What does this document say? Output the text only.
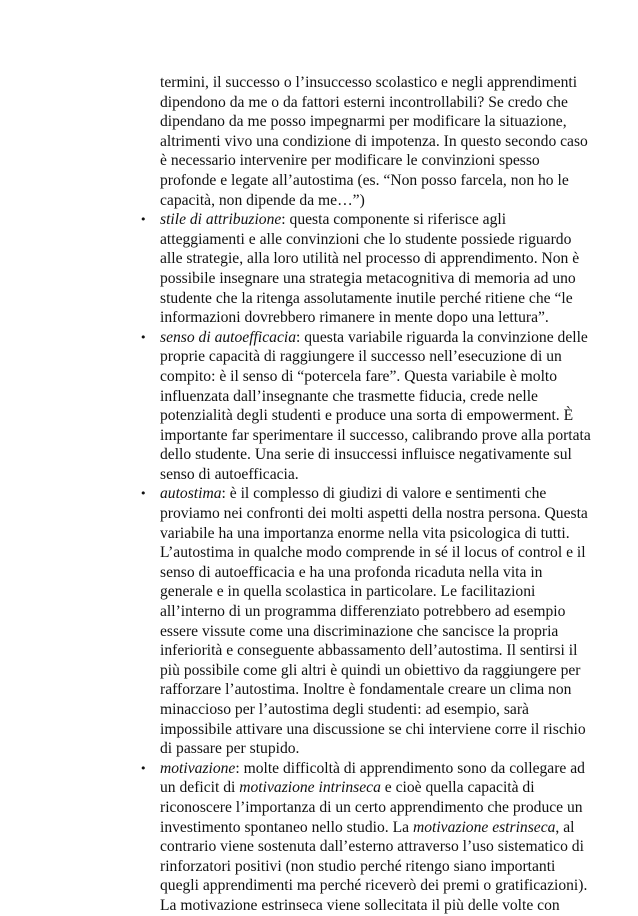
termini, il successo o l’insuccesso scolastico e negli apprendimenti
dipendono da me o da fattori esterni incontrollabili? Se credo che
dipendano da me posso impegnarmi per modificare la situazione,
altrimenti vivo una condizione di impotenza. In questo secondo caso
è necessario intervenire per modificare le convinzioni spesso
profonde e legate all’autostima (es. “Non posso farcela, non ho le
capacità, non dipende da me…”)
• stile di attribuzione: questa componente si riferisce agli
atteggiamenti e alle convinzioni che lo studente possiede riguardo
alle strategie, alla loro utilità nel processo di apprendimento. Non è
possibile insegnare una strategia metacognitiva di memoria ad uno
studente che la ritenga assolutamente inutile perché ritiene che “le
informazioni dovrebbero rimanere in mente dopo una lettura”.
• senso di autoefficacia: questa variabile riguarda la convinzione delle
proprie capacità di raggiungere il successo nell’esecuzione di un
compito: è il senso di “potercela fare”. Questa variabile è molto
influenzata dall’insegnante che trasmette fiducia, crede nelle
potenzialità degli studenti e produce una sorta di empowerment. È
importante far sperimentare il successo, calibrando prove alla portata
dello studente. Una serie di insuccessi influisce negativamente sul
senso di autoefficacia.
• autostima: è il complesso di giudizi di valore e sentimenti che
proviamo nei confronti dei molti aspetti della nostra persona. Questa
variabile ha una importanza enorme nella vita psicologica di tutti.
L’autostima in qualche modo comprende in sé il locus of control e il
senso di autoefficacia e ha una profonda ricaduta nella vita in
generale e in quella scolastica in particolare. Le facilitazioni
all’interno di un programma differenziato potrebbero ad esempio
essere vissute come una discriminazione che sancisce la propria
inferiorità e conseguente abbassamento dell’autostima. Il sentirsi il
più possibile come gli altri è quindi un obiettivo da raggiungere per
rafforzare l’autostima. Inoltre è fondamentale creare un clima non
minaccioso per l’autostima degli studenti: ad esempio, sarà
impossibile attivare una discussione se chi interviene corre il rischio
di passare per stupido.
• motivazione: molte difficoltà di apprendimento sono da collegare ad
un deficit di motivazione intrinseca e cioè quella capacità di
riconoscere l’importanza di un certo apprendimento che produce un
investimento spontaneo nello studio. La motivazione estrinseca, al
contrario viene sostenuta dall’esterno attraverso l’uso sistematico di
rinforzatori positivi (non studio perché ritengo siano importanti
quegli apprendimenti ma perché riceverò dei premi o gratificazioni).
La motivazione estrinseca viene sollecitata il più delle volte con
